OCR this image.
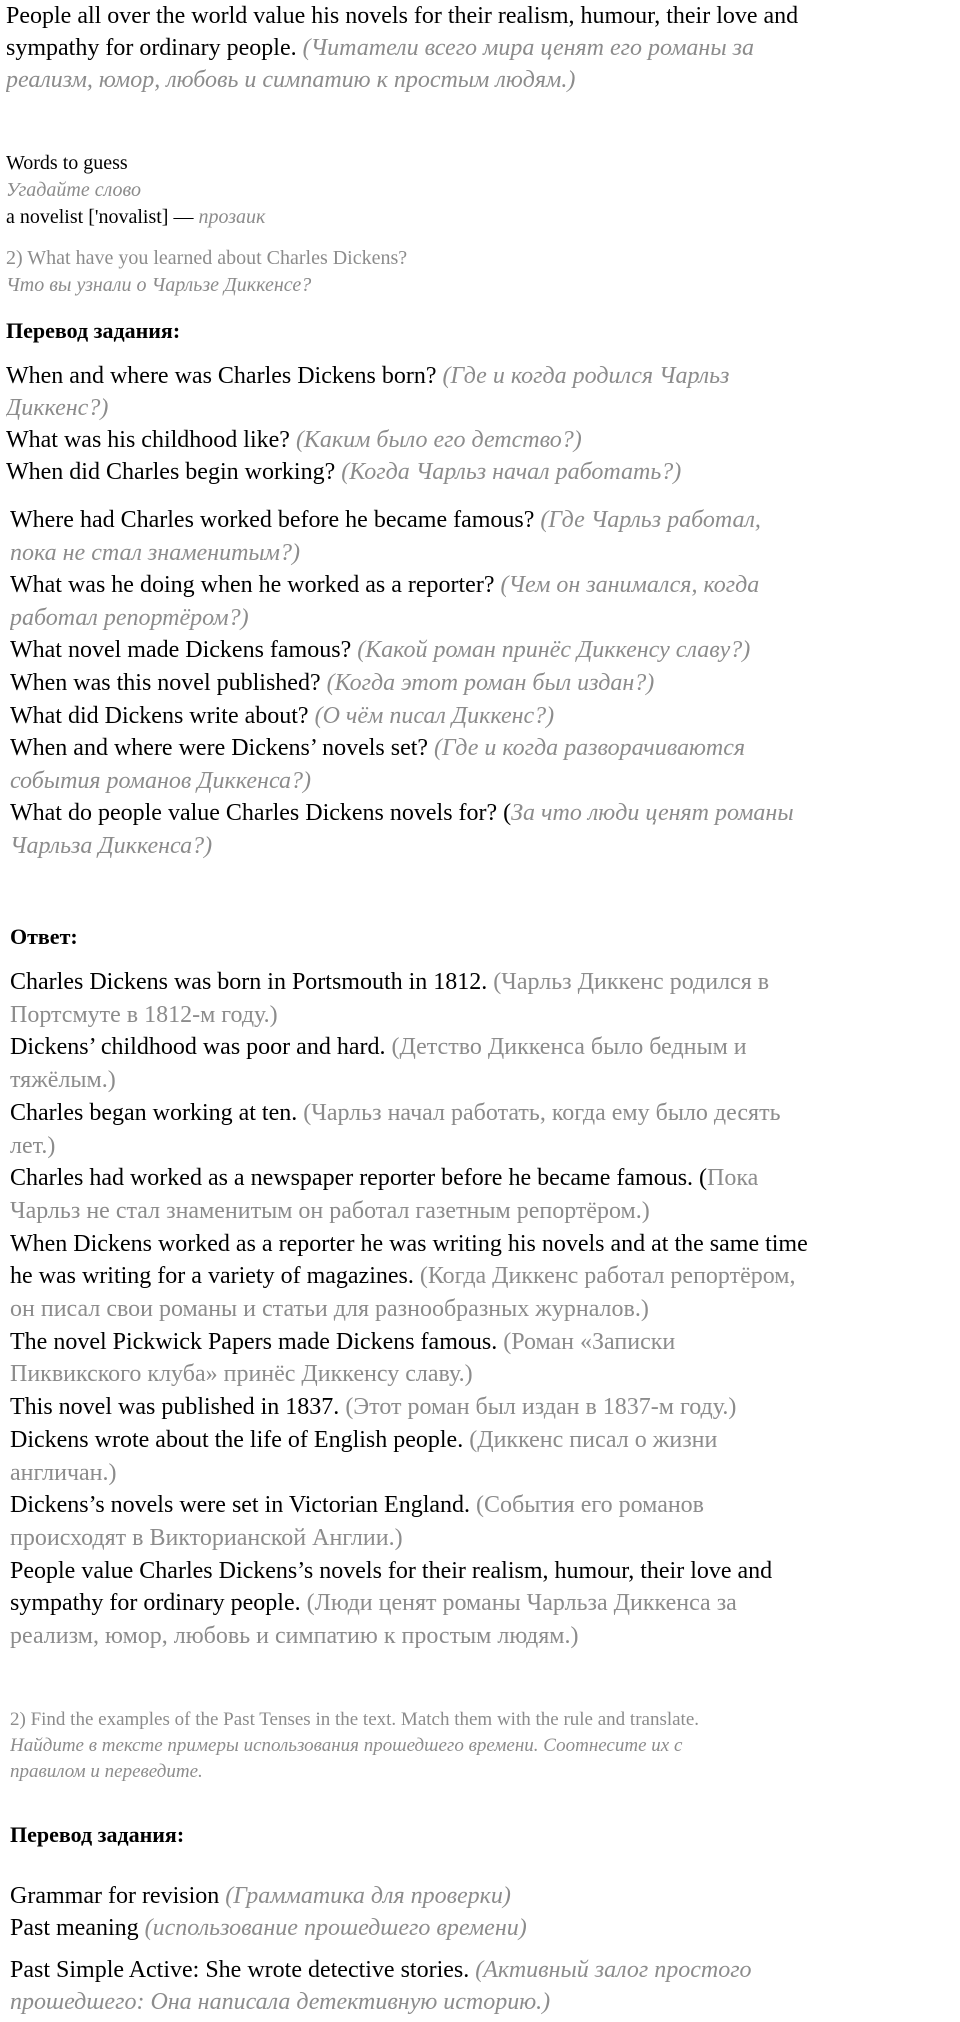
People all over the world value his novels for their realism, humour, their love and
sympathy for ordinary people. (Читатели всего мира ценят его романы за
реализм, юмор, любовь и симпатию к простым людям.)
Words to guess
Угадайте слово
a novelist ['novalist] — прозаик
2) What have you learned about Charles Dickens?
Что вы узнали о Чарльзе Диккенсе?
Перевод задания:
When and where was Charles Dickens born? (Где и когда родился Чарльз
Диккенс?)
What was his childhood like? (Каким было его детство?)
When did Charles begin working? (Когда Чарльз начал работать?)
Where had Charles worked before he became famous? (Где Чарльз работал,
пока не стал знаменитым?)
What was he doing when he worked as a reporter? (Чем он занимался, когда
работал репортёром?)
What novel made Dickens famous? (Какой роман принёс Диккенсу славу?)
When was this novel published? (Когда этот роман был издан?)
What did Dickens write about? (О чём писал Диккенс?)
When and where were Dickens’ novels set? (Где и когда разворачиваются
события романов Диккенса?)
What do people value Charles Dickens novels for? (За что люди ценят романы
Чарльза Диккенса?)
Ответ:
Charles Dickens was born in Portsmouth in 1812. (Чарльз Диккенс родился в
Портсмуте в 1812-м году.)
Dickens’ childhood was poor and hard. (Детство Диккенса было бедным и
тяжёлым.)
Charles began working at ten. (Чарльз начал работать, когда ему было десять
лет.)
Charles had worked as a newspaper reporter before he became famous. (Пока
Чарльз не стал знаменитым он работал газетным репортёром.)
When Dickens worked as a reporter he was writing his novels and at the same time
he was writing for a variety of magazines. (Когда Диккенс работал репортёром,
он писал свои романы и статьи для разнообразных журналов.)
The novel Pickwick Papers made Dickens famous. (Роман «Записки
Пиквикского клуба» принёс Диккенсу славу.)
This novel was published in 1837. (Этот роман был издан в 1837-м году.)
Dickens wrote about the life of English people. (Диккенс писал о жизни
англичан.)
Dickens’s novels were set in Victorian England. (События его романов
происходят в Викторианской Англии.)
People value Charles Dickens’s novels for their realism, humour, their love and
sympathy for ordinary people. (Люди ценят романы Чарльза Диккенса за
реализм, юмор, любовь и симпатию к простым людям.)
2) Find the examples of the Past Tenses in the text. Match them with the rule and translate.
Найдите в тексте примеры использования прошедшего времени. Соотнесите их с
правилом и переведите.
Перевод задания:
Grammar for revision (Грамматика для проверки)
Past meaning (использование прошедшего времени)
Past Simple Active: She wrote detective stories. (Активный залог простого
прошедшего: Она написала детективную историю.)
